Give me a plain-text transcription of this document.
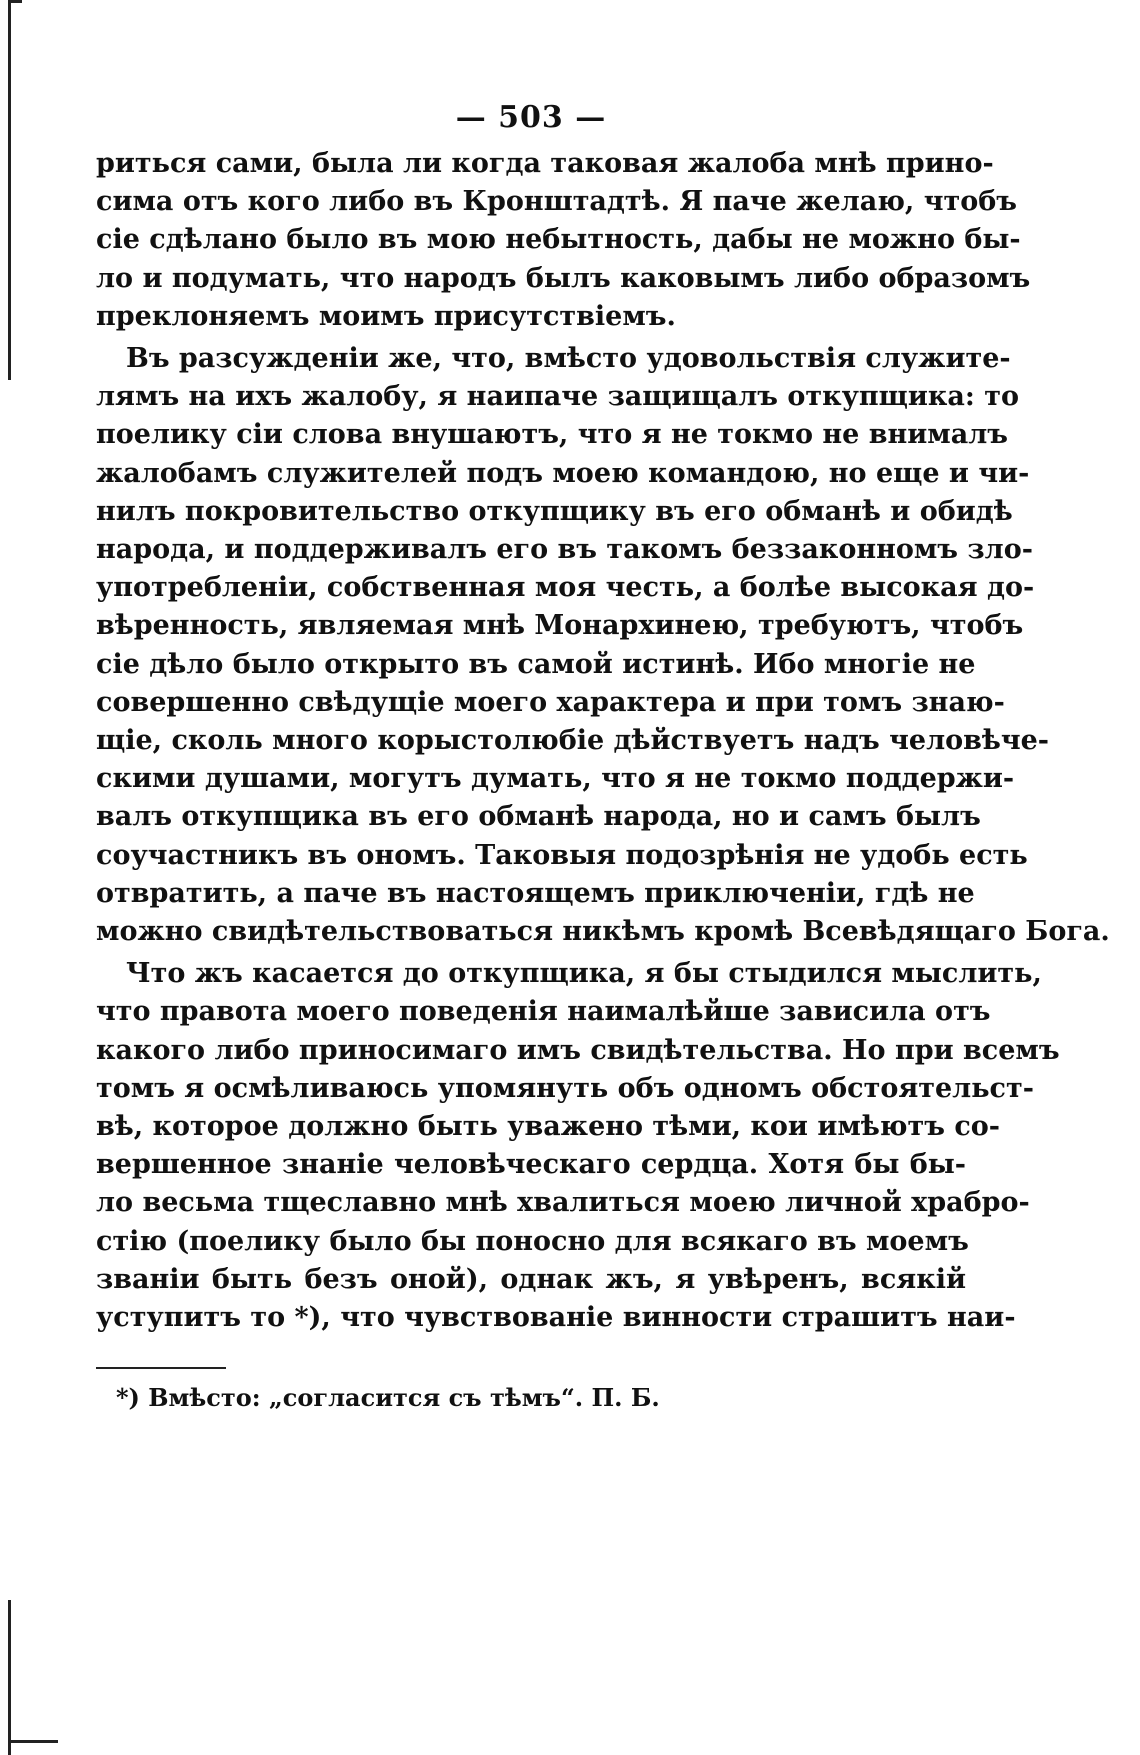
— 503 —
риться сами, была ли когда таковая жалоба мнѣ прино-
сима отъ кого либо въ Кронштадтѣ. Я паче желаю, чтобъ
сіе сдѣлано было въ мою небытность, дабы не можно бы-
ло и подумать, что народъ былъ каковымъ либо образомъ
преклоняемъ моимъ присутствіемъ.
Въ разсужденіи же, что, вмѣсто удовольствія служите-
лямъ на ихъ жалобу, я наипаче защищалъ откупщика: то
поелику сіи слова внушаютъ, что я не токмо не внималъ
жалобамъ служителей подъ моею командою, но еще и чи-
нилъ покровительство откупщику въ его обманѣ и обидѣ
народа, и поддерживалъ его въ такомъ беззаконномъ зло-
употребленіи, собственная моя честь, а болѣе высокая до-
вѣренность, являемая мнѣ Монархинею, требуютъ, чтобъ
сіе дѣло было открыто въ самой истинѣ. Ибо многіе не
совершенно свѣдущіе моего характера и при томъ знаю-
щіе, сколь много корыстолюбіе дѣйствуетъ надъ человѣче-
скими душами, могутъ думать, что я не токмо поддержи-
валъ откупщика въ его обманѣ народа, но и самъ былъ
соучастникъ въ ономъ. Таковыя подозрѣнія не удобь есть
отвратить, а паче въ настоящемъ приключеніи, гдѣ не
можно свидѣтельствоваться никѣмъ кромѣ Всевѣдящаго Бога.
Что жъ касается до откупщика, я бы стыдился мыслить,
что правота моего поведенія наималѣйше зависила отъ
какого либо приносимаго имъ свидѣтельства. Но при всемъ
томъ я осмѣливаюсь упомянуть объ одномъ обстоятельст-
вѣ, которое должно быть уважено тѣми, кои имѣютъ со-
вершенное знаніе человѣческаго сердца. Хотя бы бы-
ло весьма тщеславно мнѣ хвалиться моею личной храбро-
стію (поелику было бы поносно для всякаго въ моемъ
званіи быть безъ оной), однак жъ, я увѣренъ, всякій
уступитъ то *), что чувствованіе винности страшитъ наи-
*) Вмѣсто: „согласится съ тѣмъ“. П. Б.
